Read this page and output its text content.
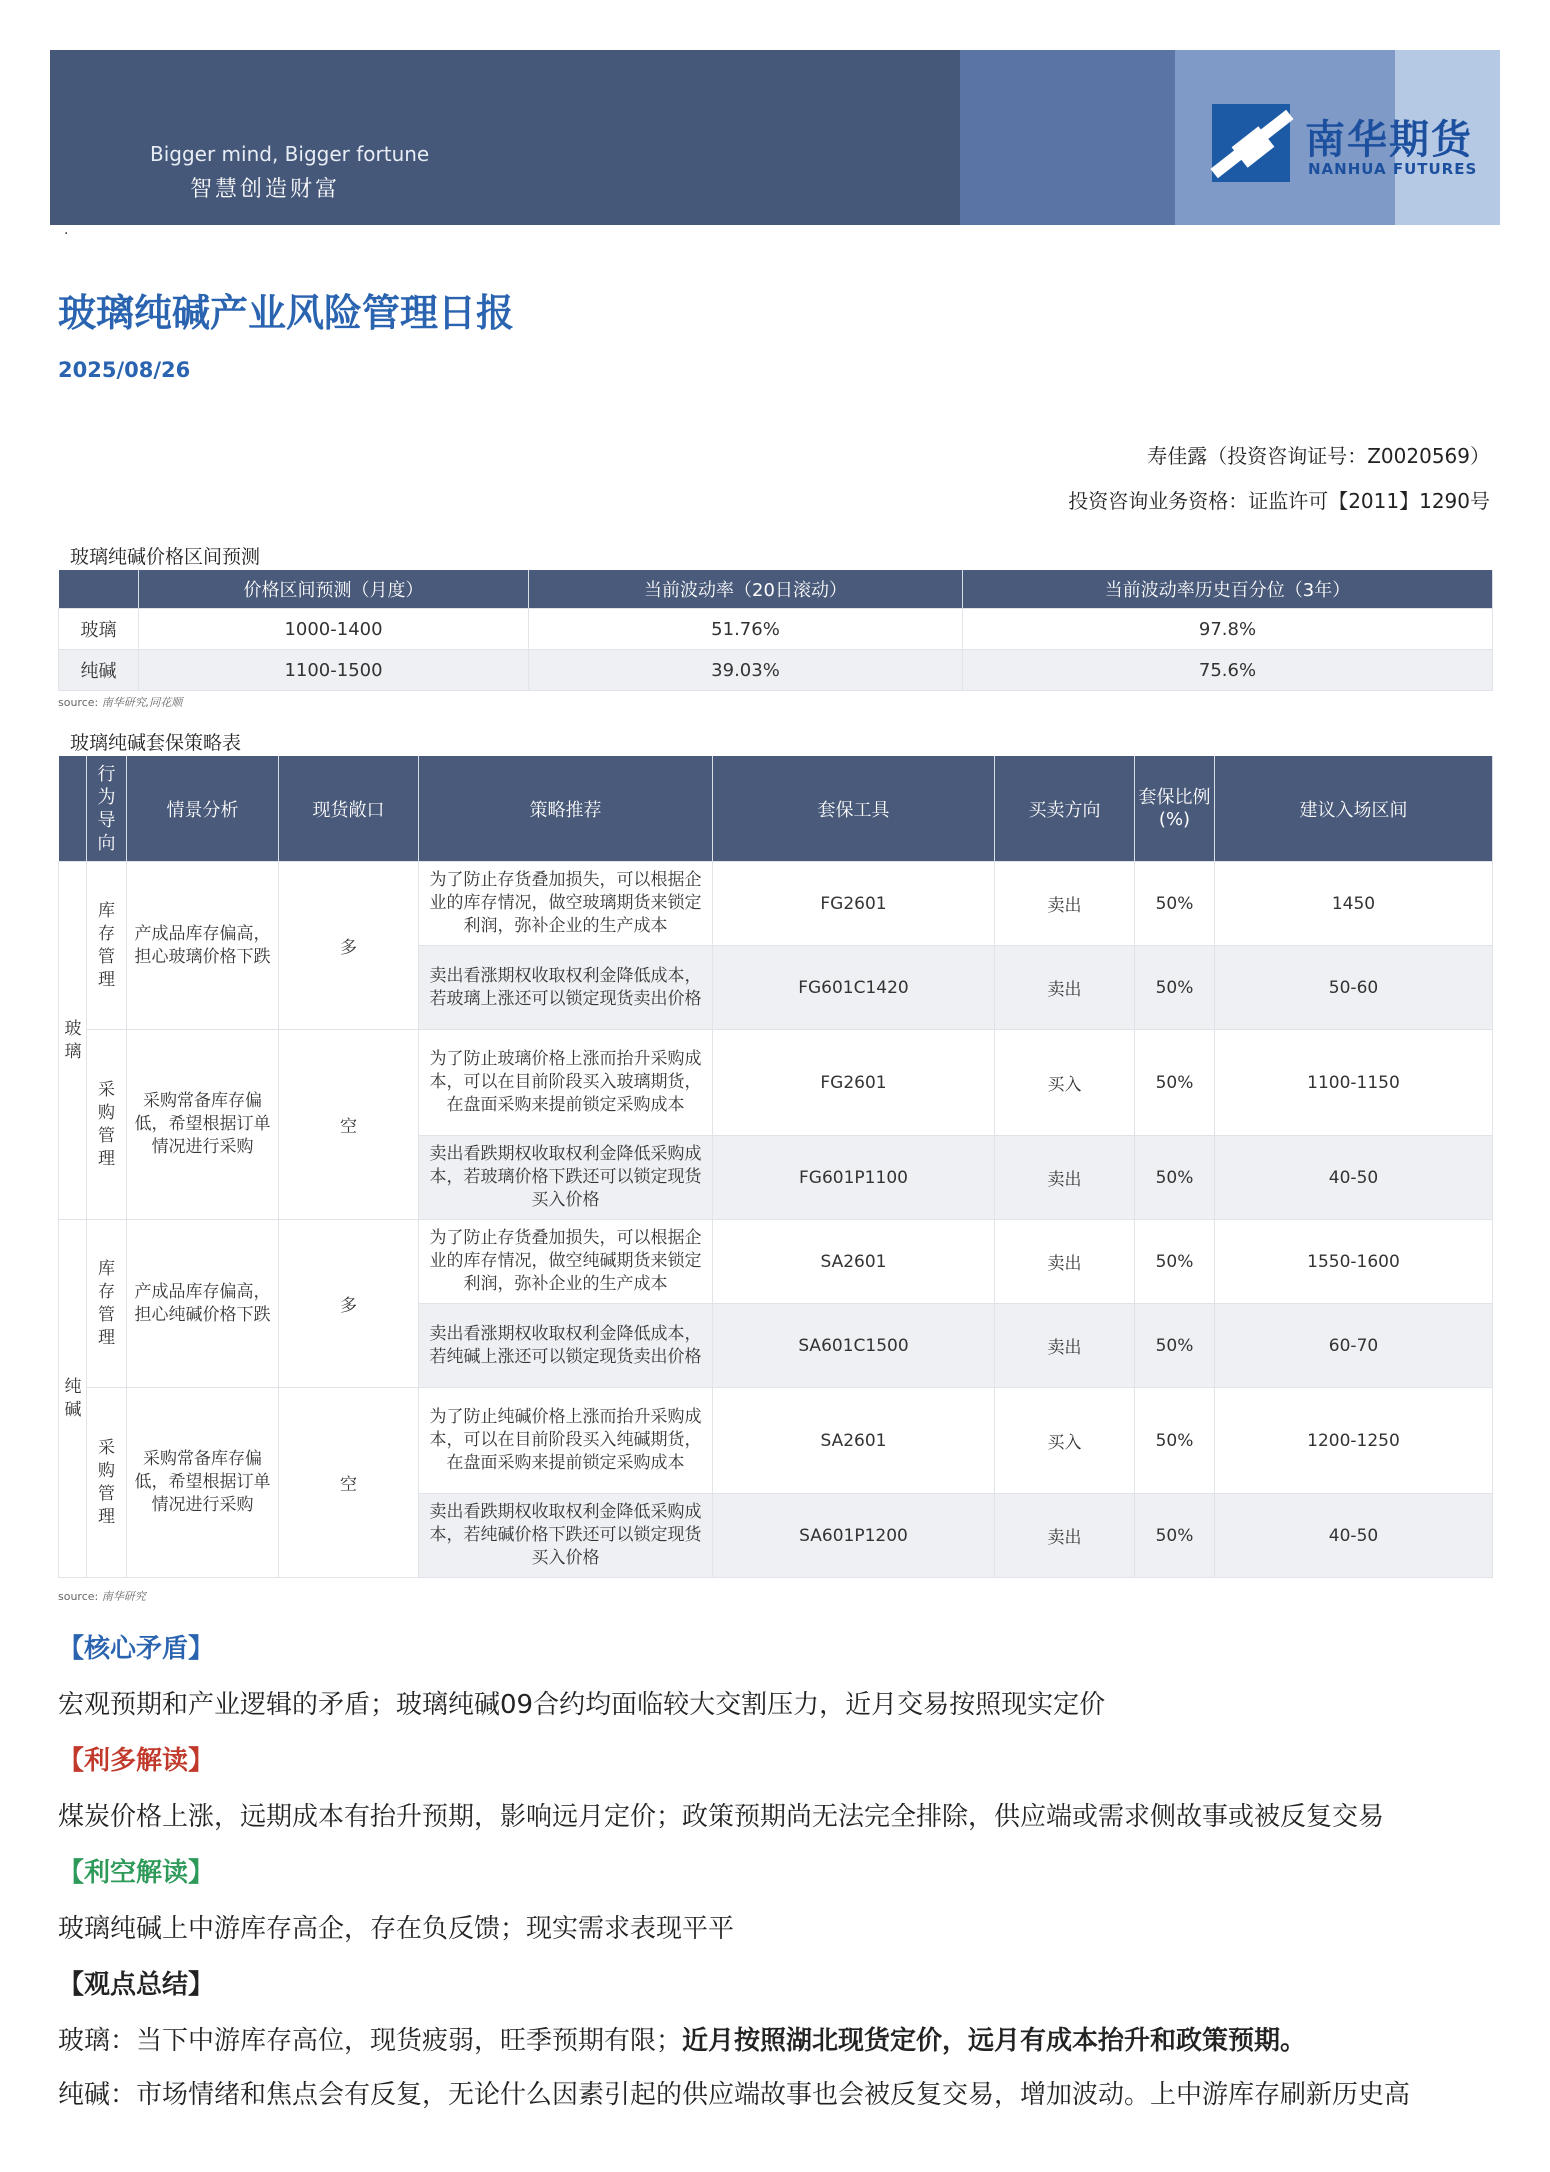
Bigger mind, Bigger fortune
智慧创造财富
南华期货
NANHUA FUTURES
·
玻璃纯碱产业风险管理日报
2025/08/26
寿佳露（投资咨询证号：Z0020569）
投资咨询业务资格：证监许可【2011】1290号
玻璃纯碱价格区间预测
	价格区间预测（月度）	当前波动率（20日滚动）	当前波动率历史百分位（3年）
玻璃	1000-1400	51.76%	97.8%
纯碱	1100-1500	39.03%	75.6%
source: 南华研究,同花顺
玻璃纯碱套保策略表
	行为导向	情景分析	现货敞口	策略推荐	套保工具	买卖方向	套保比例(%)	建议入场区间
玻璃	库存管理	产成品库存偏高，担心玻璃价格下跌	多	为了防止存货叠加损失，可以根据企业的库存情况，做空玻璃期货来锁定利润，弥补企业的生产成本	FG2601	卖出	50%	1450
				卖出看涨期权收取权利金降低成本，若玻璃上涨还可以锁定现货卖出价格	FG601C1420	卖出	50%	50-60
	采购管理	采购常备库存偏低，希望根据订单情况进行采购	空	为了防止玻璃价格上涨而抬升采购成本，可以在目前阶段买入玻璃期货，在盘面采购来提前锁定采购成本	FG2601	买入	50%	1100-1150
				卖出看跌期权收取权利金降低采购成本，若玻璃价格下跌还可以锁定现货买入价格	FG601P1100	卖出	50%	40-50
纯碱	库存管理	产成品库存偏高，担心纯碱价格下跌	多	为了防止存货叠加损失，可以根据企业的库存情况，做空纯碱期货来锁定利润，弥补企业的生产成本	SA2601	卖出	50%	1550-1600
				卖出看涨期权收取权利金降低成本，若纯碱上涨还可以锁定现货卖出价格	SA601C1500	卖出	50%	60-70
	采购管理	采购常备库存偏低，希望根据订单情况进行采购	空	为了防止纯碱价格上涨而抬升采购成本，可以在目前阶段买入纯碱期货，在盘面采购来提前锁定采购成本	SA2601	买入	50%	1200-1250
				卖出看跌期权收取权利金降低采购成本，若纯碱价格下跌还可以锁定现货买入价格	SA601P1200	卖出	50%	40-50
source: 南华研究
【核心矛盾】
宏观预期和产业逻辑的矛盾；玻璃纯碱09合约均面临较大交割压力，近月交易按照现实定价
【利多解读】
煤炭价格上涨，远期成本有抬升预期，影响远月定价；政策预期尚无法完全排除，供应端或需求侧故事或被反复交易
【利空解读】
玻璃纯碱上中游库存高企，存在负反馈；现实需求表现平平
【观点总结】
玻璃：当下中游库存高位，现货疲弱，旺季预期有限；近月按照湖北现货定价，远月有成本抬升和政策预期。
纯碱：市场情绪和焦点会有反复，无论什么因素引起的供应端故事也会被反复交易，增加波动。上中游库存刷新历史高
